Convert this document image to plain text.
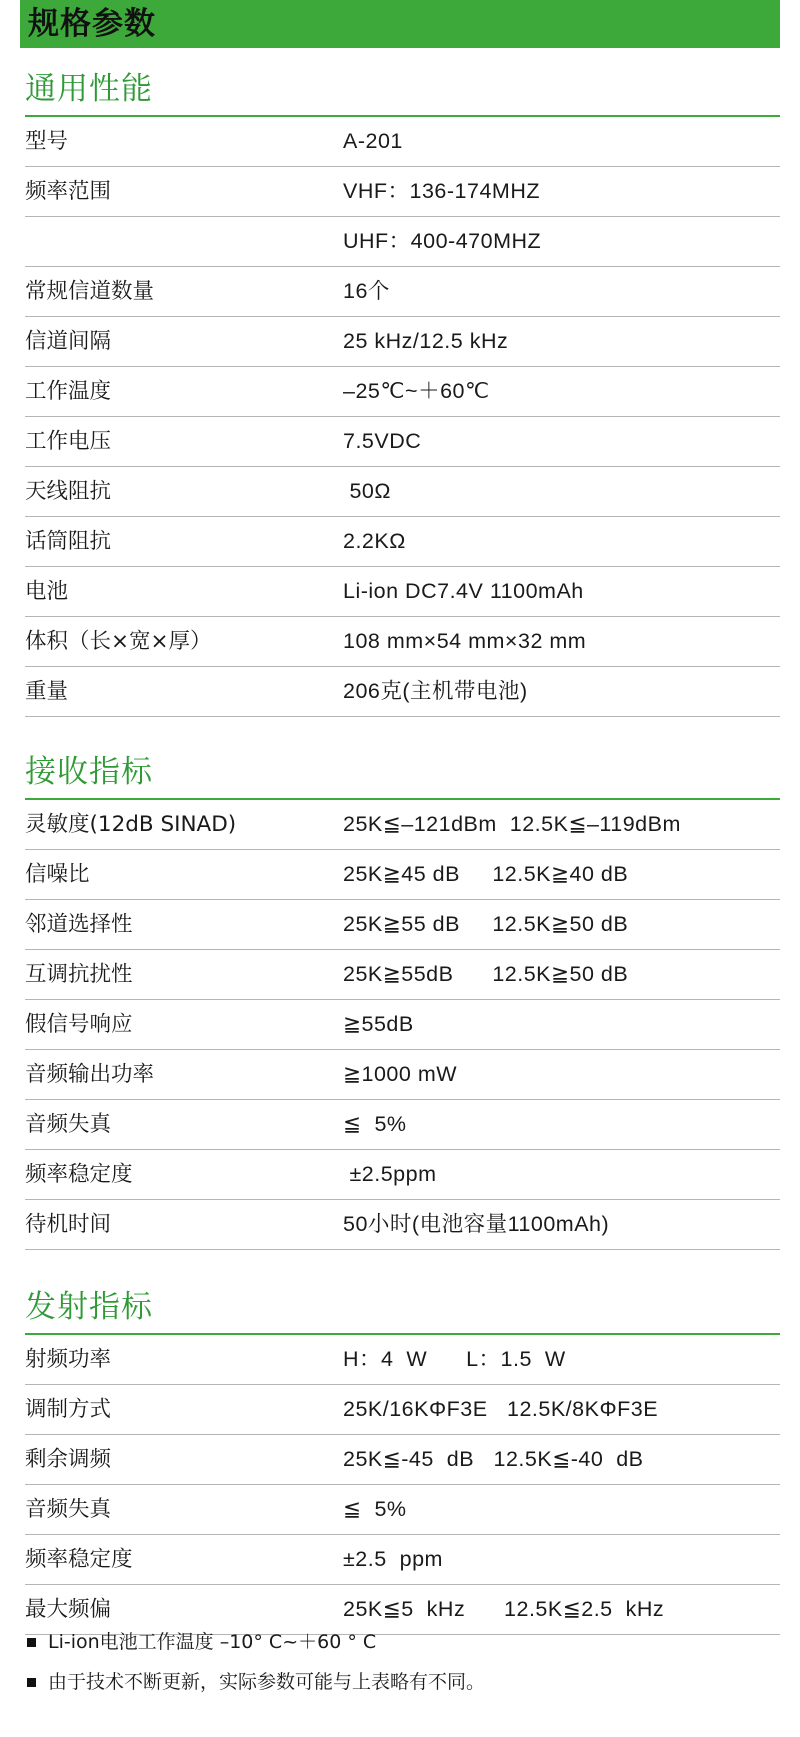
规格参数
通用性能
型号	A-201
频率范围	VHF：136-174MHZ
UHF：400-470MHZ
常规信道数量	16个
信道间隔	25 kHz/12.5 kHz
工作温度	–25℃~＋60℃
工作电压	7.5VDC
天线阻抗	50Ω
话筒阻抗	2.2KΩ
电池	Li-ion DC7.4V 1100mAh
体积（长×宽×厚）	108 mm×54 mm×32 mm
重量	206克(主机带电池)
接收指标
灵敏度(12dB SINAD)	25K≦–121dBm  12.5K≦–119dBm
信噪比	25K≧45 dB     12.5K≧40 dB
邻道选择性	25K≧55 dB     12.5K≧50 dB
互调抗扰性	25K≧55dB      12.5K≧50 dB
假信号响应	≧55dB
音频输出功率	≧1000 mW
音频失真	≦  5%
频率稳定度	±2.5ppm
待机时间	50小时(电池容量1100mAh)
发射指标
射频功率	H：4  W      L：1.5  W
调制方式	25K/16KΦF3E   12.5K/8KΦF3E
剩余调频	25K≦-45  dB   12.5K≦-40  dB
音频失真	≦  5%
频率稳定度	±2.5  ppm
最大频偏	25K≦5  kHz      12.5K≦2.5  kHz
Li-ion电池工作温度 –10° C~＋60 ° C
由于技术不断更新，实际参数可能与上表略有不同。
